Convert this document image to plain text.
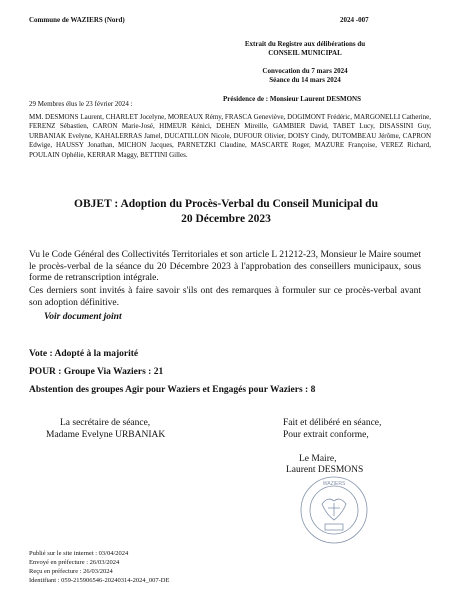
Commune de WAZIERS (Nord)	2024 -007
Extrait du Registre aux délibérations du
CONSEIL MUNICIPAL
Convocation du 7 mars 2024
Séance du 14 mars 2024
Présidence de : Monsieur Laurent DESMONS
29 Membres élus le 23 février 2024 :
MM. DESMONS Laurent, CHARLET Jocelyne, MOREAUX Rémy, FRASCA Geneviève, DOGIMONT Frédéric, MARGONELLI Catherine, FERENZ Sébastien, CARON Marie-José, HIMEUR Kénici, DEHEN Mireille, GAMBIER David, TABET Lucy, DISASSINI Guy, URBANIAK Evelyne, KAHALERRAS Jamel, DUCATILLON Nicole, DUFOUR Olivier, DOISY Cindy, DUTOMBEAU Jérôme, CAPRON Edwige, HAUSSY Jonathan, MICHON Jacques, PARNETZKI Claudine, MASCARTE Roger, MAZURE Françoise, VEREZ Richard, POULAIN Ophélie, KERRAR Maggy, BETTINI Gilles.
OBJET : Adoption du Procès-Verbal du Conseil Municipal du
20 Décembre 2023
Vu le Code Général des Collectivités Territoriales et son article L 21212-23, Monsieur le Maire soumet le procès-verbal de la séance du 20 Décembre 2023 à l'approbation des conseillers municipaux, sous forme de retranscription intégrale.
Ces derniers sont invités à faire savoir s'ils ont des remarques à formuler sur ce procès-verbal avant son adoption définitive.
Voir document joint
Vote : Adopté à la majorité
POUR : Groupe Via Waziers : 21
Abstention des groupes Agir pour Waziers et Engagés pour Waziers : 8
La secrétaire de séance,
Madame Evelyne URBANIAK
Fait et délibéré en séance,
Pour extrait conforme,
Le Maire,
Laurent DESMONS
WAZIERS
Publié sur le site internet : 03/04/2024
Envoyé en préfecture : 26/03/2024
Reçu en préfecture : 26/03/2024
Identifiant : 059-215906546-20240314-2024_007-DE
